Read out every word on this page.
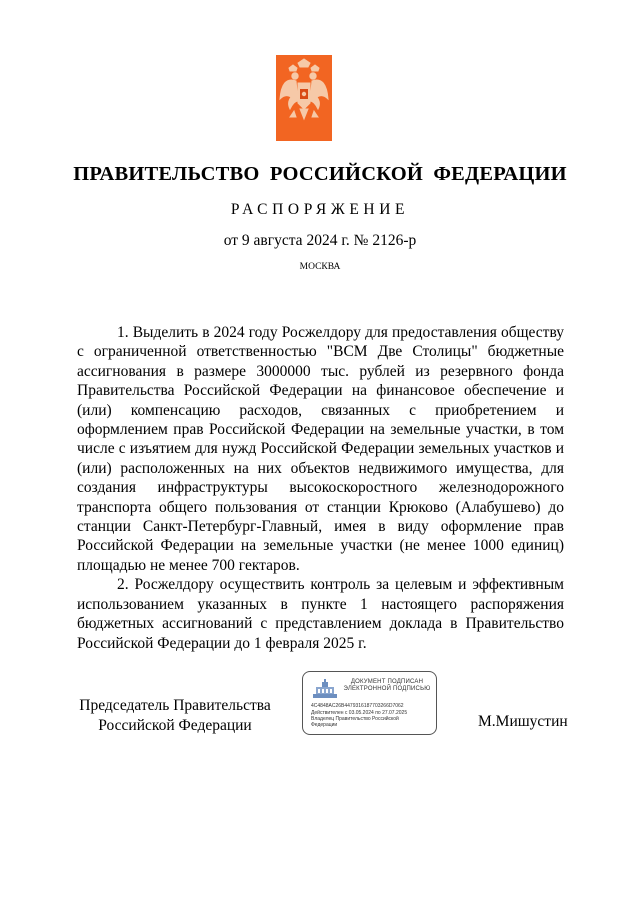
ПРАВИТЕЛЬСТВО РОССИЙСКОЙ ФЕДЕРАЦИИ
РАСПОРЯЖЕНИЕ
от 9 августа 2024 г. № 2126-р
МОСКВА

1. Выделить в 2024 году Росжелдору для предоставления обществу с ограниченной ответственностью "ВСМ Две Столицы" бюджетные ассигнования в размере 3000000 тыс. рублей из резервного фонда Правительства Российской Федерации на финансовое обеспечение и (или) компенсацию расходов, связанных с приобретением и оформлением прав Российской Федерации на земельные участки, в том числе с изъятием для нужд Российской Федерации земельных участков и (или) расположенных на них объектов недвижимого имущества, для создания инфраструктуры высокоскоростного железнодорожного транспорта общего пользования от станции Крюково (Алабушево) до станции Санкт-Петербург-Главный, имея в виду оформление прав Российской Федерации на земельные участки (не менее 1000 единиц) площадью не менее 700 гектаров.

2. Росжелдору осуществить контроль за целевым и эффективным использованием указанных в пункте 1 настоящего распоряжения бюджетных ассигнований с представлением доклада в Правительство Российской Федерации до 1 февраля 2025 г.

Председатель Правительства
Российской Федерации
ДОКУМЕНТ ПОДПИСАН ЭЛЕКТРОННОЙ ПОДПИСЬЮ
4C4848AC26B4479316187703266D7062
Действителен с 03.05.2024 по 27.07.2025
Владелец Правительство Российской
Федерации	М.Мишустин
